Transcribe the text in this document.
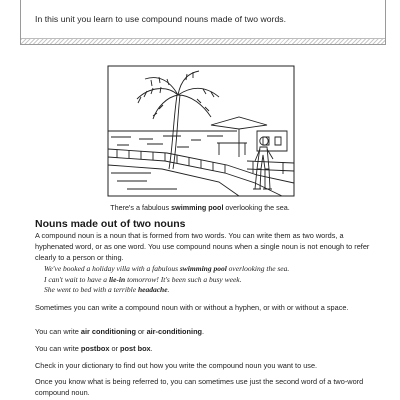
In this unit you learn to use compound nouns made of two words.
There's a fabulous swimming pool overlooking the sea.
Nouns made out of two nouns
A compound noun is a noun that is formed from two words. You can write them as two words, a hyphenated word, or as one word. You use compound nouns when a single noun is not enough to refer clearly to a person or thing.
We've booked a holiday villa with a fabulous swimming pool overlooking the sea.
I can't wait to have a lie-in tomorrow! It's been such a busy week.
She went to bed with a terrible headache.
Sometimes you can write a compound noun with or without a hyphen, or with or without a space.
You can write air conditioning or air-conditioning.
You can write postbox or post box.
Check in your dictionary to find out how you write the compound noun you want to use.
Once you know what is being referred to, you can sometimes use just the second word of a two-word compound noun.
